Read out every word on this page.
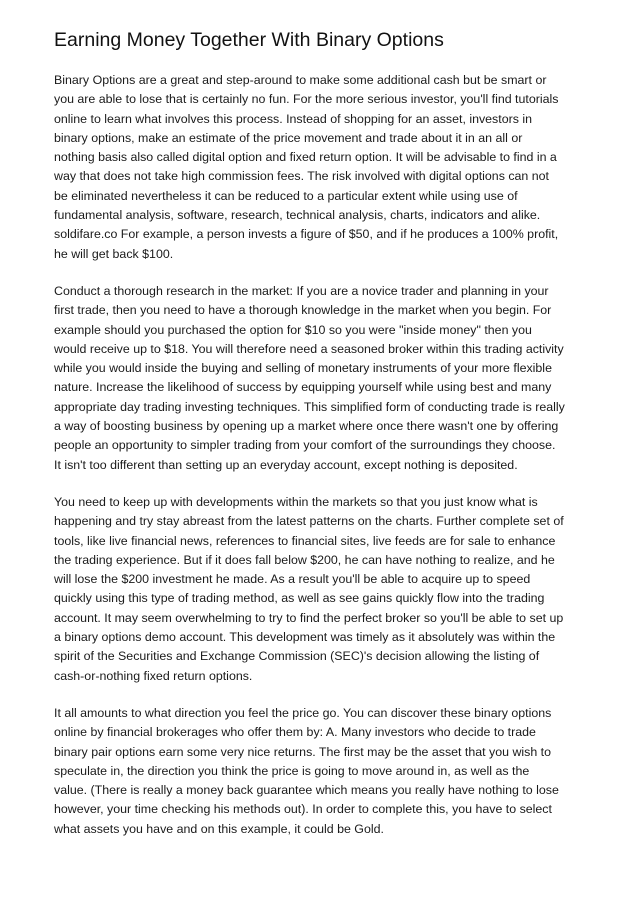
Earning Money Together With Binary Options
Binary Options are a great and step-around to make some additional cash but be smart or
you are able to lose that is certainly no fun. For the more serious investor, you'll find tutorials
online to learn what involves this process. Instead of shopping for an asset, investors in
binary options, make an estimate of the price movement and trade about it in an all or
nothing basis also called digital option and fixed return option. It will be advisable to find in a
way that does not take high commission fees. The risk involved with digital options can not
be eliminated nevertheless it can be reduced to a particular extent while using use of
fundamental analysis, software, research, technical analysis, charts, indicators and alike.
soldifare.co For example, a person invests a figure of $50, and if he produces a 100% profit,
he will get back $100.
Conduct a thorough research in the market: If you are a novice trader and planning in your
first trade, then you need to have a thorough knowledge in the market when you begin. For
example should you purchased the option for $10 so you were "inside money" then you
would receive up to $18. You will therefore need a seasoned broker within this trading activity
while you would inside the buying and selling of monetary instruments of your more flexible
nature. Increase the likelihood of success by equipping yourself while using best and many
appropriate day trading investing techniques. This simplified form of conducting trade is really
a way of boosting business by opening up a market where once there wasn't one by offering
people an opportunity to simpler trading from your comfort of the surroundings they choose.
It isn't too different than setting up an everyday account, except nothing is deposited.
You need to keep up with developments within the markets so that you just know what is
happening and try stay abreast from the latest patterns on the charts. Further complete set of
tools, like live financial news, references to financial sites, live feeds are for sale to enhance
the trading experience. But if it does fall below $200, he can have nothing to realize, and he
will lose the $200 investment he made. As a result you'll be able to acquire up to speed
quickly using this type of trading method, as well as see gains quickly flow into the trading
account. It may seem overwhelming to try to find the perfect broker so you'll be able to set up
a binary options demo account. This development was timely as it absolutely was within the
spirit of the Securities and Exchange Commission (SEC)'s decision allowing the listing of
cash-or-nothing fixed return options.
It all amounts to what direction you feel the price go. You can discover these binary options
online by financial brokerages who offer them by: A. Many investors who decide to trade
binary pair options earn some very nice returns. The first may be the asset that you wish to
speculate in, the direction you think the price is going to move around in, as well as the
value. (There is really a money back guarantee which means you really have nothing to lose
however, your time checking his methods out). In order to complete this, you have to select
what assets you have and on this example, it could be Gold.
